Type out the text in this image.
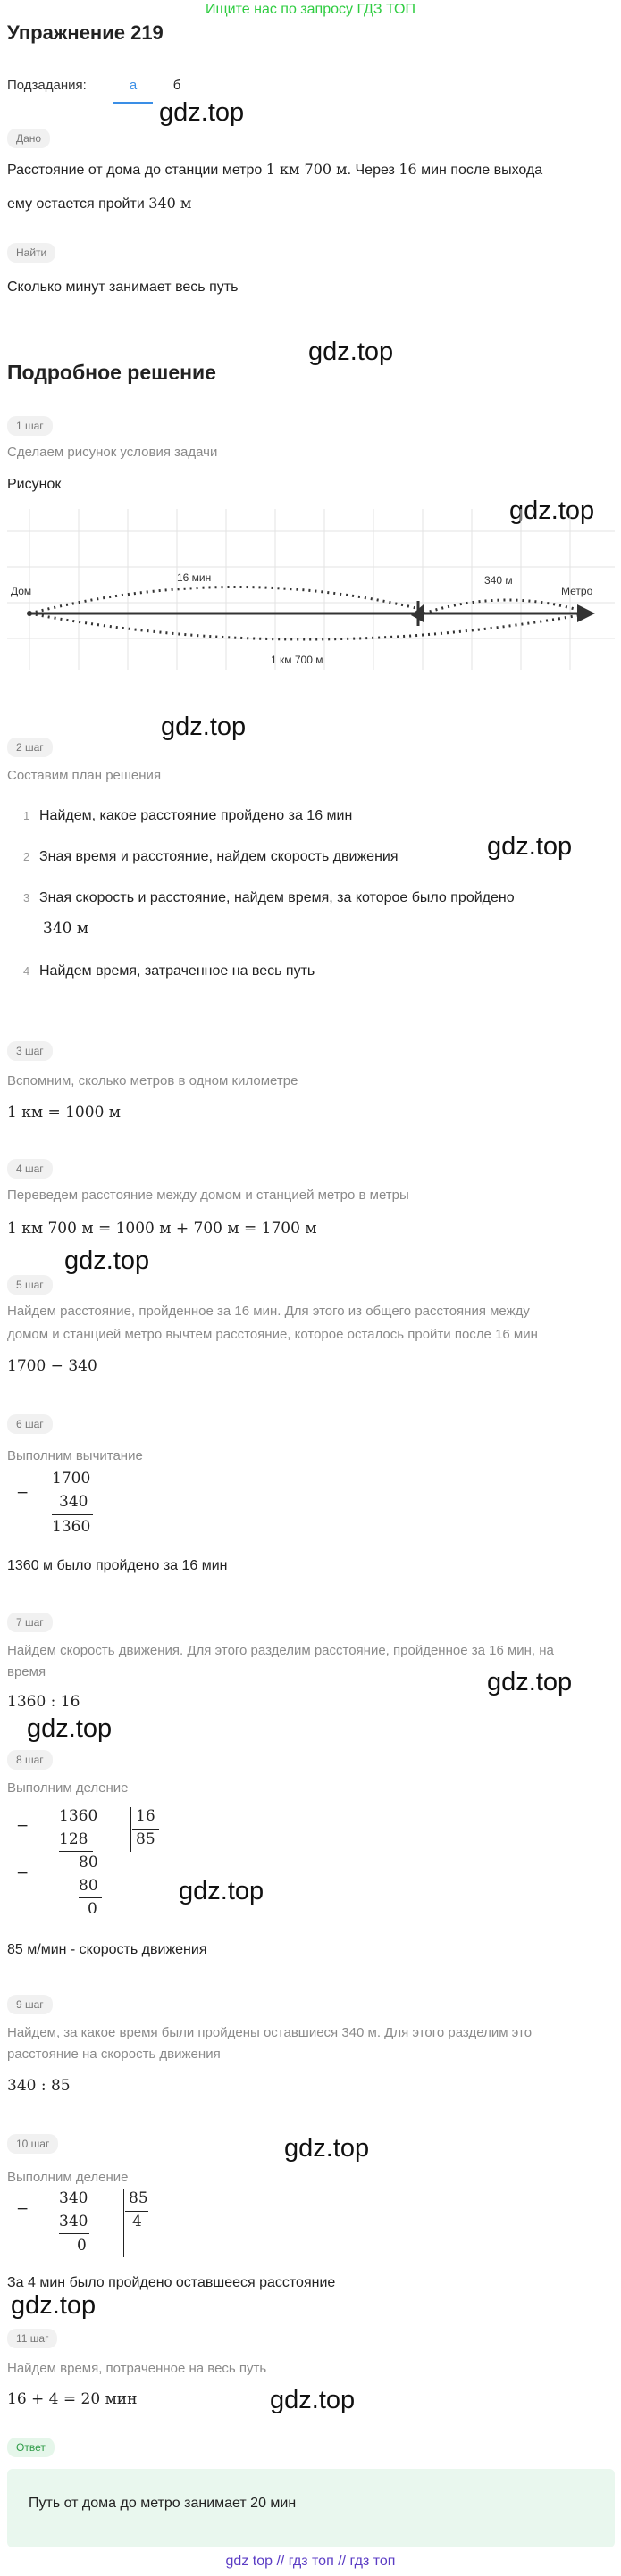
Ищите нас по запросу ГДЗ ТОП
Упражнение 219
Подзадания:	а	б
gdz.top
Дано
Расстояние от дома до станции метро 1 км 700 м. Через 16 мин после выхода
ему остается пройти 340 м
Найти
Сколько минут занимает весь путь
gdz.top
Подробное решение
1 шаг
Сделаем рисунок условия задачи
Рисунок
gdz.top
Дом	Метро
16 мин	340 м
1 км 700 м
gdz.top
2 шаг
Составим план решения
1 Найдем, какое расстояние пройдено за 16 мин
2 Зная время и расстояние, найдем скорость движения	gdz.top
3 Зная скорость и расстояние, найдем время, за которое было пройдено
340 м
4 Найдем время, затраченное на весь путь
3 шаг
Вспомним, сколько метров в одном километре
1 км = 1000 м
4 шаг
Переведем расстояние между домом и станцией метро в метры
1 км 700 м = 1000 м + 700 м = 1700 м
gdz.top
5 шаг
Найдем расстояние, пройденное за 16 мин. Для этого из общего расстояния между
домом и станцией метро вычтем расстояние, которое осталось пройти после 16 мин
1700 − 340
6 шаг
Выполним вычитание
−
1700
340
1360
1360 м было пройдено за 16 мин
7 шаг
Найдем скорость движения. Для этого разделим расстояние, пройденное за 16 мин, на
время	gdz.top
1360 : 16
gdz.top
8 шаг
Выполним деление
−
1360	16
85
128
−
80
80
0
gdz.top
85 м/мин - скорость движения
9 шаг
Найдем, за какое время были пройдены оставшиеся 340 м. Для этого разделим это
расстояние на скорость движения
340 : 85
gdz.top
10 шаг
Выполним деление
−
340	85
4
340
0
За 4 мин было пройдено оставшееся расстояние
gdz.top
11 шаг
Найдем время, потраченное на весь путь
16 + 4 = 20 мин	gdz.top
Ответ
Путь от дома до метро занимает 20 мин
gdz top // гдз топ // гдз топ
